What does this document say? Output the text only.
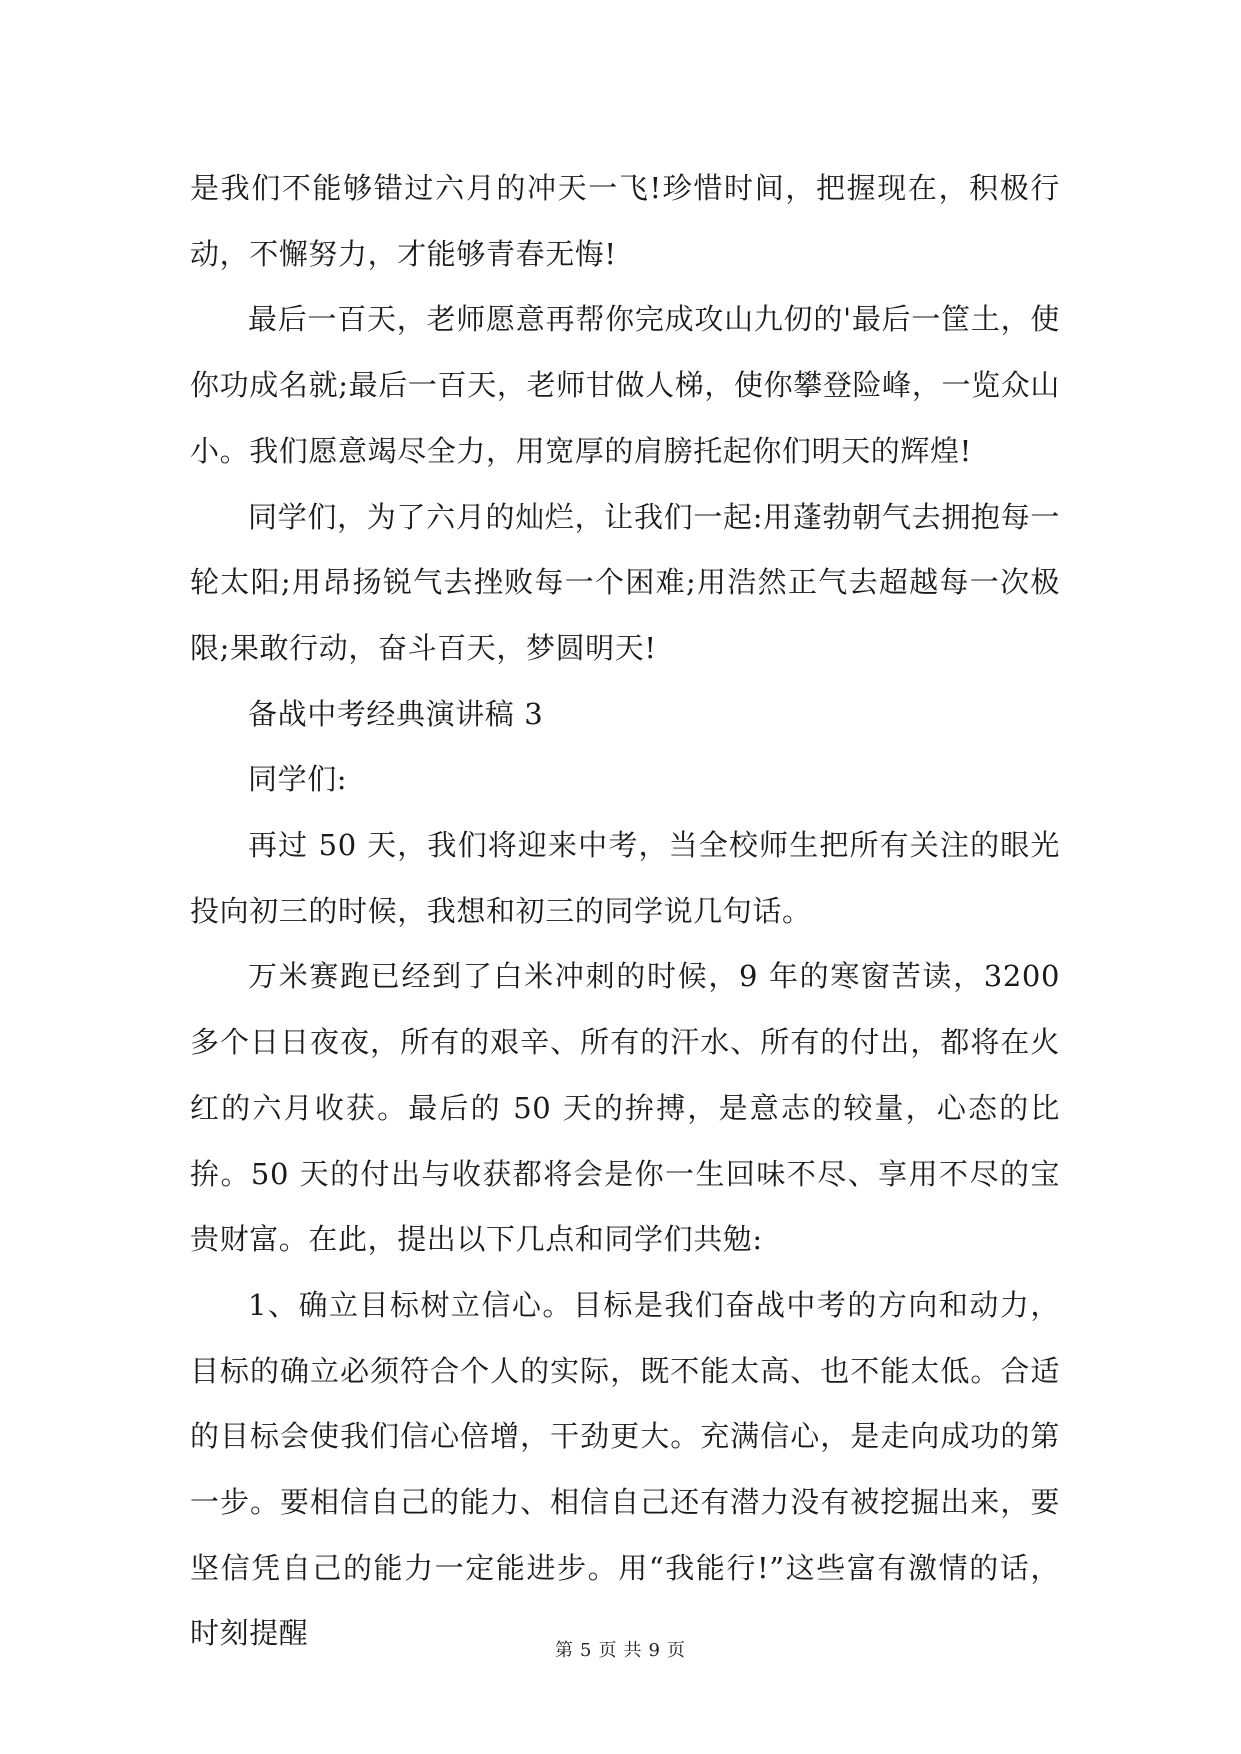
是我们不能够错过六月的冲天一飞!珍惜时间，把握现在，积极行动，不懈努力，才能够青春无悔!

最后一百天，老师愿意再帮你完成攻山九仞的'最后一筐土，使你功成名就;最后一百天，老师甘做人梯，使你攀登险峰，一览众山小。我们愿意竭尽全力，用宽厚的肩膀托起你们明天的辉煌!

同学们，为了六月的灿烂，让我们一起:用蓬勃朝气去拥抱每一轮太阳;用昂扬锐气去挫败每一个困难;用浩然正气去超越每一次极限;果敢行动，奋斗百天，梦圆明天!

备战中考经典演讲稿 3

同学们:

再过 50 天，我们将迎来中考，当全校师生把所有关注的眼光投向初三的时候，我想和初三的同学说几句话。

万米赛跑已经到了白米冲刺的时候，9 年的寒窗苦读，3200 多个日日夜夜，所有的艰辛、所有的汗水、所有的付出，都将在火红的六月收获。最后的 50 天的拚搏，是意志的较量，心态的比拚。50 天的付出与收获都将会是你一生回味不尽、享用不尽的宝贵财富。在此，提出以下几点和同学们共勉:

1、确立目标树立信心。目标是我们奋战中考的方向和动力，目标的确立必须符合个人的实际，既不能太高、也不能太低。合适的目标会使我们信心倍增，干劲更大。充满信心，是走向成功的第一步。要相信自己的能力、相信自己还有潜力没有被挖掘出来，要坚信凭自己的能力一定能进步。用“我能行!”这些富有激情的话，时刻提醒

第 5 页 共 9 页
